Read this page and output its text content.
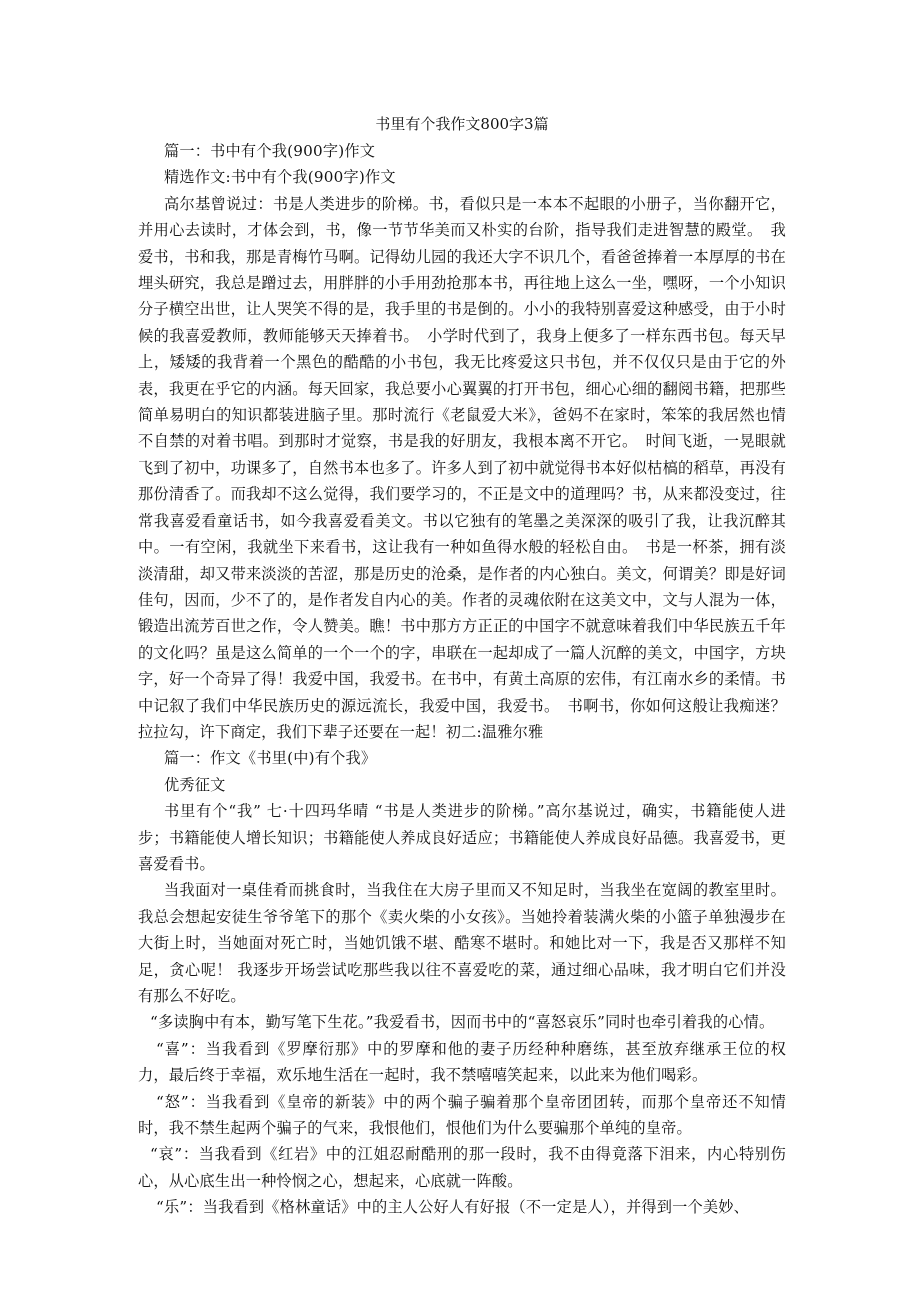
书里有个我作文800字3篇

篇一：书中有个我(900字)作文

精选作文:书中有个我(900字)作文

高尔基曾说过：书是人类进步的阶梯。书，看似只是一本本不起眼的小册子，当你翻开它，并用心去读时，才体会到，书，像一节节华美而又朴实的台阶，指导我们走进智慧的殿堂。　我爱书，书和我，那是青梅竹马啊。记得幼儿园的我还大字不识几个，看爸爸捧着一本厚厚的书在埋头研究，我总是蹭过去，用胖胖的小手用劲抢那本书，再往地上这么一坐，嘿呀，一个小知识分子横空出世，让人哭笑不得的是，我手里的书是倒的。小小的我特别喜爱这种感受，由于小时候的我喜爱教师，教师能够天天捧着书。　小学时代到了，我身上便多了一样东西书包。每天早上，矮矮的我背着一个黑色的酷酷的小书包，我无比疼爱这只书包，并不仅仅只是由于它的外表，我更在乎它的内涵。每天回家，我总要小心翼翼的打开书包，细心心细的翻阅书籍，把那些简单易明白的知识都装进脑子里。那时流行《老鼠爱大米》，爸妈不在家时，笨笨的我居然也情不自禁的对着书唱。到那时才觉察，书是我的好朋友，我根本离不开它。　时间飞逝，一晃眼就飞到了初中，功课多了，自然书本也多了。许多人到了初中就觉得书本好似枯槁的稻草，再没有那份清香了。而我却不这么觉得，我们要学习的，不正是文中的道理吗？书，从来都没变过，往常我喜爱看童话书，如今我喜爱看美文。书以它独有的笔墨之美深深的吸引了我，让我沉醉其中。一有空闲，我就坐下来看书，这让我有一种如鱼得水般的轻松自由。　书是一杯茶，拥有淡淡清甜，却又带来淡淡的苦涩，那是历史的沧桑，是作者的内心独白。美文，何谓美？即是好词佳句，因而，少不了的，是作者发自内心的美。作者的灵魂依附在这美文中，文与人混为一体，锻造出流芳百世之作，令人赞美。瞧！书中那方方正正的中国字不就意味着我们中华民族五千年的文化吗？虽是这么简单的一个一个的字，串联在一起却成了一篇人沉醉的美文，中国字，方块字，好一个奇异了得！我爱中国，我爱书。在书中，有黄土高原的宏伟，有江南水乡的柔情。书中记叙了我们中华民族历史的源远流长，我爱中国，我爱书。　书啊书，你如何这般让我痴迷？拉拉勾，许下商定，我们下辈子还要在一起！初二:温雅尔雅

篇一：作文《书里(中)有个我》

优秀征文

书里有个“我” 七·十四玛华晴 “书是人类进步的阶梯。”高尔基说过，确实，书籍能使人进步；书籍能使人增长知识；书籍能使人养成良好适应；书籍能使人养成良好品德。我喜爱书，更喜爱看书。

当我面对一桌佳肴而挑食时，当我住在大房子里而又不知足时，当我坐在宽阔的教室里时。我总会想起安徒生爷爷笔下的那个《卖火柴的小女孩》。当她拎着装满火柴的小篮子单独漫步在大街上时，当她面对死亡时，当她饥饿不堪、酷寒不堪时。和她比对一下，我是否又那样不知足，贪心呢！ 我逐步开场尝试吃那些我以往不喜爱吃的菜，通过细心品味，我才明白它们并没有那么不好吃。

“多读胸中有本，勤写笔下生花。”我爱看书，因而书中的“喜怒哀乐”同时也牵引着我的心情。

“喜”：当我看到《罗摩衍那》中的罗摩和他的妻子历经种种磨练，甚至放弃继承王位的权力，最后终于幸福，欢乐地生活在一起时，我不禁嘻嘻笑起来，以此来为他们喝彩。

“怒”：当我看到《皇帝的新装》中的两个骗子骗着那个皇帝团团转，而那个皇帝还不知情时，我不禁生起两个骗子的气来，我恨他们，恨他们为什么要骗那个单纯的皇帝。

“哀”：当我看到《红岩》中的江姐忍耐酷刑的那一段时，我不由得竟落下泪来，内心特别伤心，从心底生出一种怜悯之心，想起来，心底就一阵酸。

“乐”：当我看到《格林童话》中的主人公好人有好报（不一定是人），并得到一个美妙、
